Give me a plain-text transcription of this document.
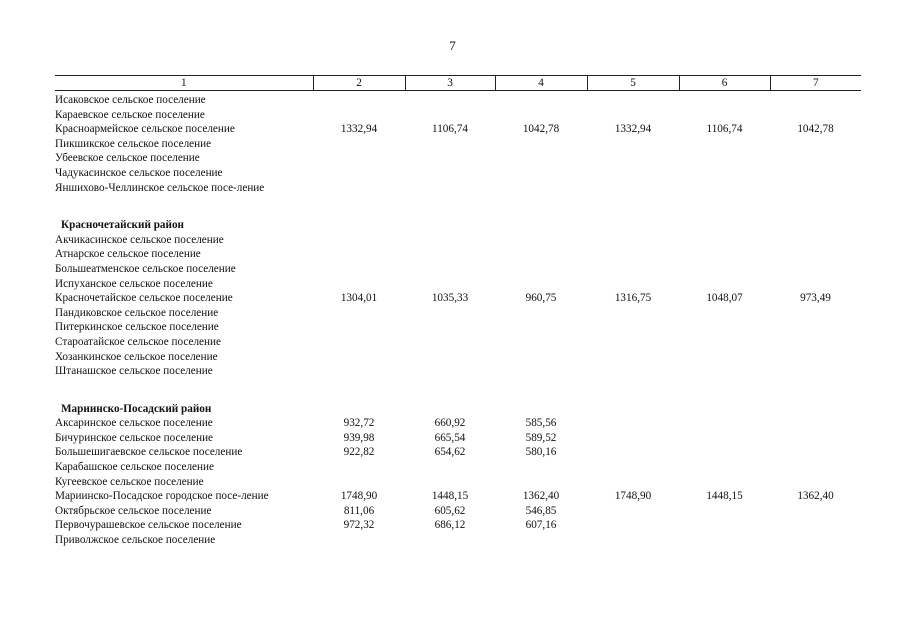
7
1	2	3	4	5	6	7
Исаковское сельское поселение						
Караевское сельское поселение						
Красноармейское сельское поселение	1332,94	1106,74	1042,78	1332,94	1106,74	1042,78
Пикшикское сельское поселение						
Убеевское сельское поселение						
Чадукасинское сельское поселение						
Яншихово-Челлинское сельское посе-ление						
Красночетайский район						
Акчикасинское сельское поселение						
Атнарское сельское поселение						
Большеатменское сельское поселение						
Испуханское сельское поселение						
Красночетайское сельское поселение	1304,01	1035,33	960,75	1316,75	1048,07	973,49
Пандиковское сельское поселение						
Питеркинское сельское поселение						
Староатайское сельское поселение						
Хозанкинское сельское поселение						
Штанашское сельское поселение						
Мариинско-Посадский район						
Аксаринское сельское поселение	932,72	660,92	585,56			
Бичуринское сельское поселение	939,98	665,54	589,52			
Большешигаевское сельское поселение	922,82	654,62	580,16			
Карабашское сельское поселение						
Кугеевское сельское поселение						
Мариинско-Посадское городское посе-ление	1748,90	1448,15	1362,40	1748,90	1448,15	1362,40
Октябрьское сельское поселение	811,06	605,62	546,85			
Первочурашевское сельское поселение	972,32	686,12	607,16			
Приволжское сельское поселение						
